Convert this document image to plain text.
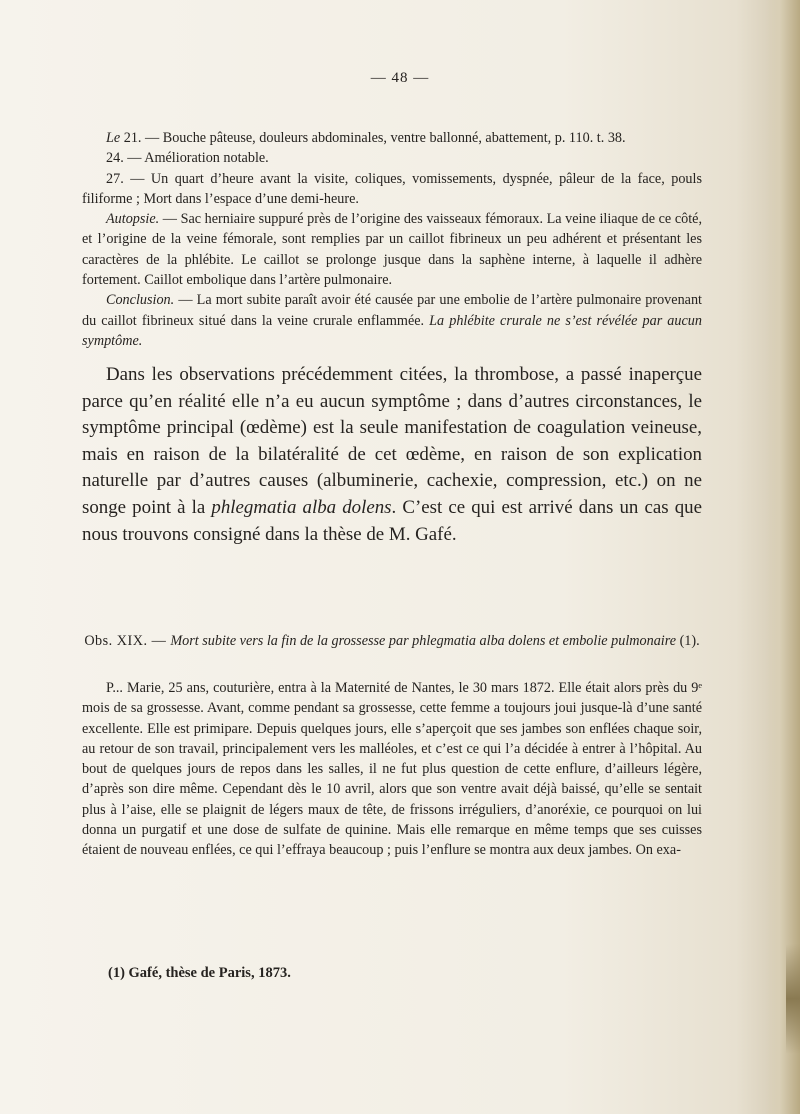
— 48 —

Le 21. — Bouche pâteuse, douleurs abdominales, ventre ballonné, abattement, p. 110. t. 38.

24. — Amélioration notable.

27. — Un quart d’heure avant la visite, coliques, vomissements, dyspnée, pâleur de la face, pouls filiforme ; Mort dans l’espace d’une demi-heure.

Autopsie. — Sac herniaire suppuré près de l’origine des vaisseaux fémoraux. La veine iliaque de ce côté, et l’origine de la veine fémorale, sont remplies par un caillot fibrineux un peu adhérent et présentant les caractères de la phlébite. Le caillot se prolonge jusque dans la saphène interne, à laquelle il adhère fortement. Caillot embolique dans l’artère pulmonaire.

Conclusion. — La mort subite paraît avoir été causée par une embolie de l’artère pulmonaire provenant du caillot fibrineux situé dans la veine crurale enflammée. La phlébite crurale ne s’est révélée par aucun symptôme.

Dans les observations précédemment citées, la thrombose, a passé inaperçue parce qu’en réalité elle n’a eu aucun symptôme ; dans d’autres circonstances, le symptôme principal (œdème) est la seule manifestation de coagulation veineuse, mais en raison de la bilatéralité de cet œdème, en raison de son explication naturelle par d’autres causes (albuminerie, cachexie, compression, etc.) on ne songe point à la phlegmatia alba dolens. C’est ce qui est arrivé dans un cas que nous trouvons consigné dans la thèse de M. Gafé.

Obs. XIX. — Mort subite vers la fin de la grossesse par phlegmatia alba dolens et embolie pulmonaire (1).

P... Marie, 25 ans, couturière, entra à la Maternité de Nantes, le 30 mars 1872. Elle était alors près du 9ᵉ mois de sa grossesse. Avant, comme pendant sa grossesse, cette femme a toujours joui jusque-là d’une santé excellente. Elle est primipare. Depuis quelques jours, elle s’aperçoit que ses jambes son enflées chaque soir, au retour de son travail, principalement vers les malléoles, et c’est ce qui l’a décidée à entrer à l’hôpital. Au bout de quelques jours de repos dans les salles, il ne fut plus question de cette enflure, d’ailleurs légère, d’après son dire même. Cependant dès le 10 avril, alors que son ventre avait déjà baissé, qu’elle se sentait plus à l’aise, elle se plaignit de légers maux de tête, de frissons irréguliers, d’anoréxie, ce pourquoi on lui donna un purgatif et une dose de sulfate de quinine. Mais elle remarque en même temps que ses cuisses étaient de nouveau enflées, ce qui l’effraya beaucoup ; puis l’enflure se montra aux deux jambes. On exa-

(1) Gafé, thèse de Paris, 1873.
